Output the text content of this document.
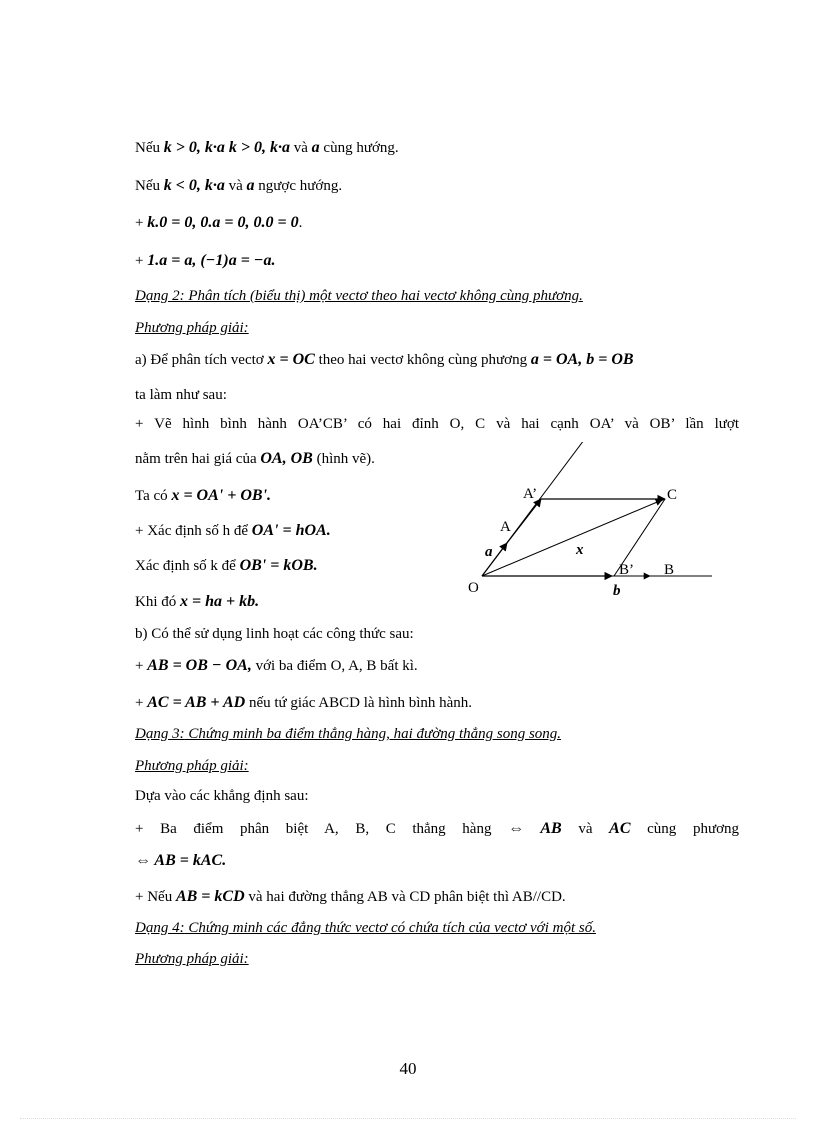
Nếu k > 0, k·a k > 0, k·a và a cùng hướng.
Nếu k < 0, k·a và a ngược hướng.
+ k.0 = 0, 0.a = 0, 0.0 = 0.
+ 1.a = a, (−1)a = −a.
Dạng 2: Phân tích (biểu thị) một vectơ theo hai vectơ không cùng phương.
Phương pháp giải:
a) Để phân tích vectơ x = OC theo hai vectơ không cùng phương a = OA, b = OB
ta làm như sau:
+ Vẽ hình bình hành OA’CB’ có hai đỉnh O, C và hai cạnh OA’ và OB’ lần lượt
nằm trên hai giá của OA, OB (hình vẽ).
Ta có x = OA' + OB'.
+ Xác định số h để OA' = hOA.
Xác định số k để OB' = kOB.
Khi đó x = ha + kb.
b) Có thể sử dụng linh hoạt các công thức sau:
+ AB = OB − OA, với ba điểm O, A, B bất kì.
+ AC = AB + AD nếu tứ giác ABCD là hình bình hành.
Dạng 3: Chứng minh ba điểm thẳng hàng, hai đường thẳng song song.
Phương pháp giải:
Dựa vào các khẳng định sau:
+ Ba điểm phân biệt A, B, C thẳng hàng ⇔ AB và AC cùng phương
⇔ AB = kAC.
+ Nếu AB = kCD và hai đường thẳng AB và CD phân biệt thì AB//CD.
Dạng 4: Chứng minh các đẳng thức vectơ có chứa tích của vectơ với một số.
Phương pháp giải:
O
A
A’	C
B’ B
a
b
x
40
